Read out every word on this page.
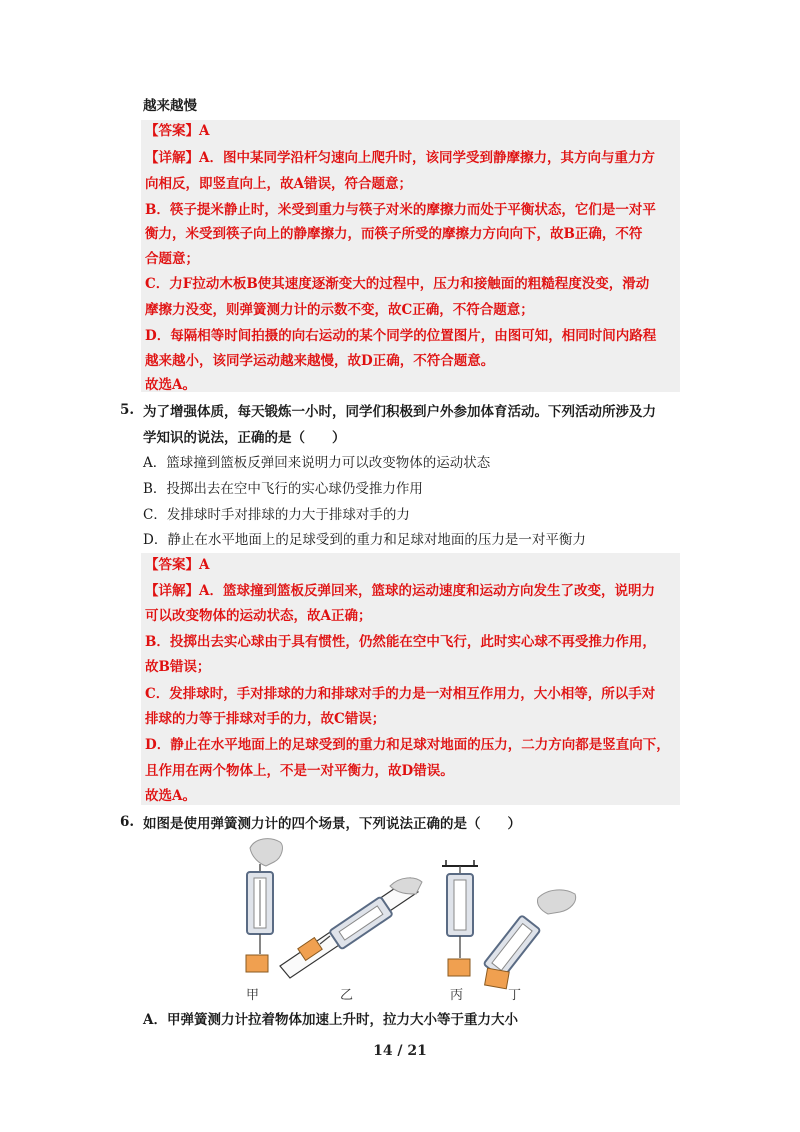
越来越慢
【答案】A
【详解】A．图中某同学沿杆匀速向上爬升时，该同学受到静摩擦力，其方向与重力方
向相反，即竖直向上，故A错误，符合题意；
B．筷子提米静止时，米受到重力与筷子对米的摩擦力而处于平衡状态，它们是一对平
衡力，米受到筷子向上的静摩擦力，而筷子所受的摩擦力方向向下，故B正确，不符
合题意；
C．力F拉动木板B使其速度逐渐变大的过程中，压力和接触面的粗糙程度没变，滑动
摩擦力没变，则弹簧测力计的示数不变，故C正确，不符合题意；
D．每隔相等时间拍摄的向右运动的某个同学的位置图片，由图可知，相同时间内路程
越来越小，该同学运动越来越慢，故D正确，不符合题意。
故选A。
5. 为了增强体质，每天锻炼一小时，同学们积极到户外参加体育活动。下列活动所涉及力
学知识的说法，正确的是（　　）
A．篮球撞到篮板反弹回来说明力可以改变物体的运动状态
B．投掷出去在空中飞行的实心球仍受推力作用
C．发排球时手对排球的力大于排球对手的力
D．静止在水平地面上的足球受到的重力和足球对地面的压力是一对平衡力
【答案】A
【详解】A．篮球撞到篮板反弹回来，篮球的运动速度和运动方向发生了改变，说明力
可以改变物体的运动状态，故A正确；
B．投掷出去实心球由于具有惯性，仍然能在空中飞行，此时实心球不再受推力作用，
故B错误；
C．发排球时，手对排球的力和排球对手的力是一对相互作用力，大小相等，所以手对
排球的力等于排球对手的力，故C错误；
D．静止在水平地面上的足球受到的重力和足球对地面的压力，二力方向都是竖直向下，
且作用在两个物体上，不是一对平衡力，故D错误。
故选A。
6. 如图是使用弹簧测力计的四个场景，下列说法正确的是（　　）
甲	乙	丙	丁
A．甲弹簧测力计拉着物体加速上升时，拉力大小等于重力大小
14 / 21
